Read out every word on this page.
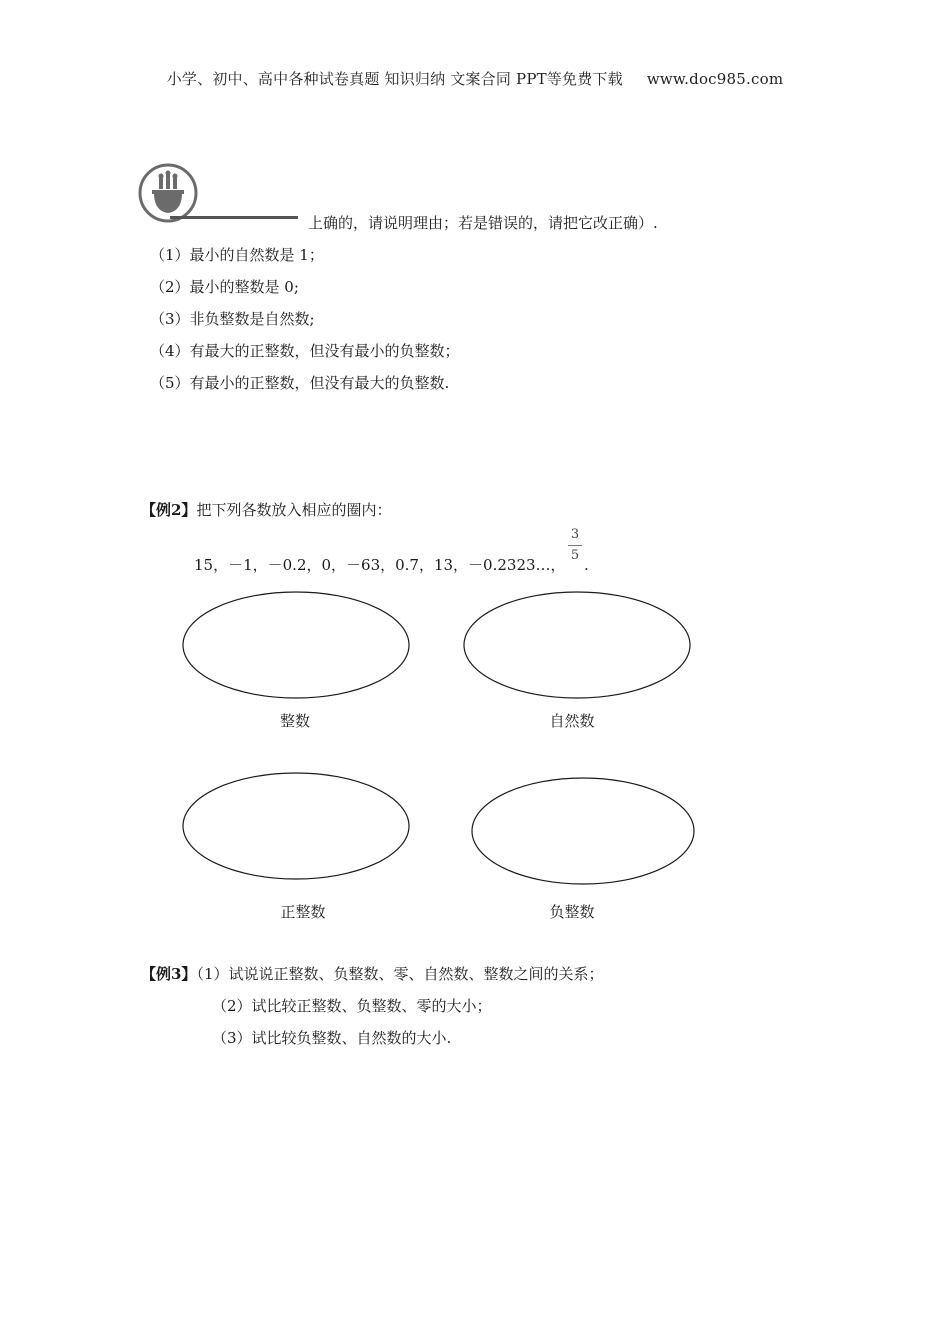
小学、初中、高中各种试卷真题 知识归纳 文案合同 PPT等免费下载 www.doc985.com
上确的，请说明理由；若是错误的，请把它改正确）.
（1）最小的自然数是 1；
（2）最小的整数是 0;
（3）非负整数是自然数;
（4）有最大的正整数，但没有最小的负整数；
（5）有最小的正整数，但没有最大的负整数.
【例2】把下列各数放入相应的圈内：
15，－1，－0.2，0，－63，0.7，13，－0.2323…，
3
5
.
整数	自然数
正整数	负整数
【例3】（1）试说说正整数、负整数、零、自然数、整数之间的关系；
（2）试比较正整数、负整数、零的大小；
（3）试比较负整数、自然数的大小.
